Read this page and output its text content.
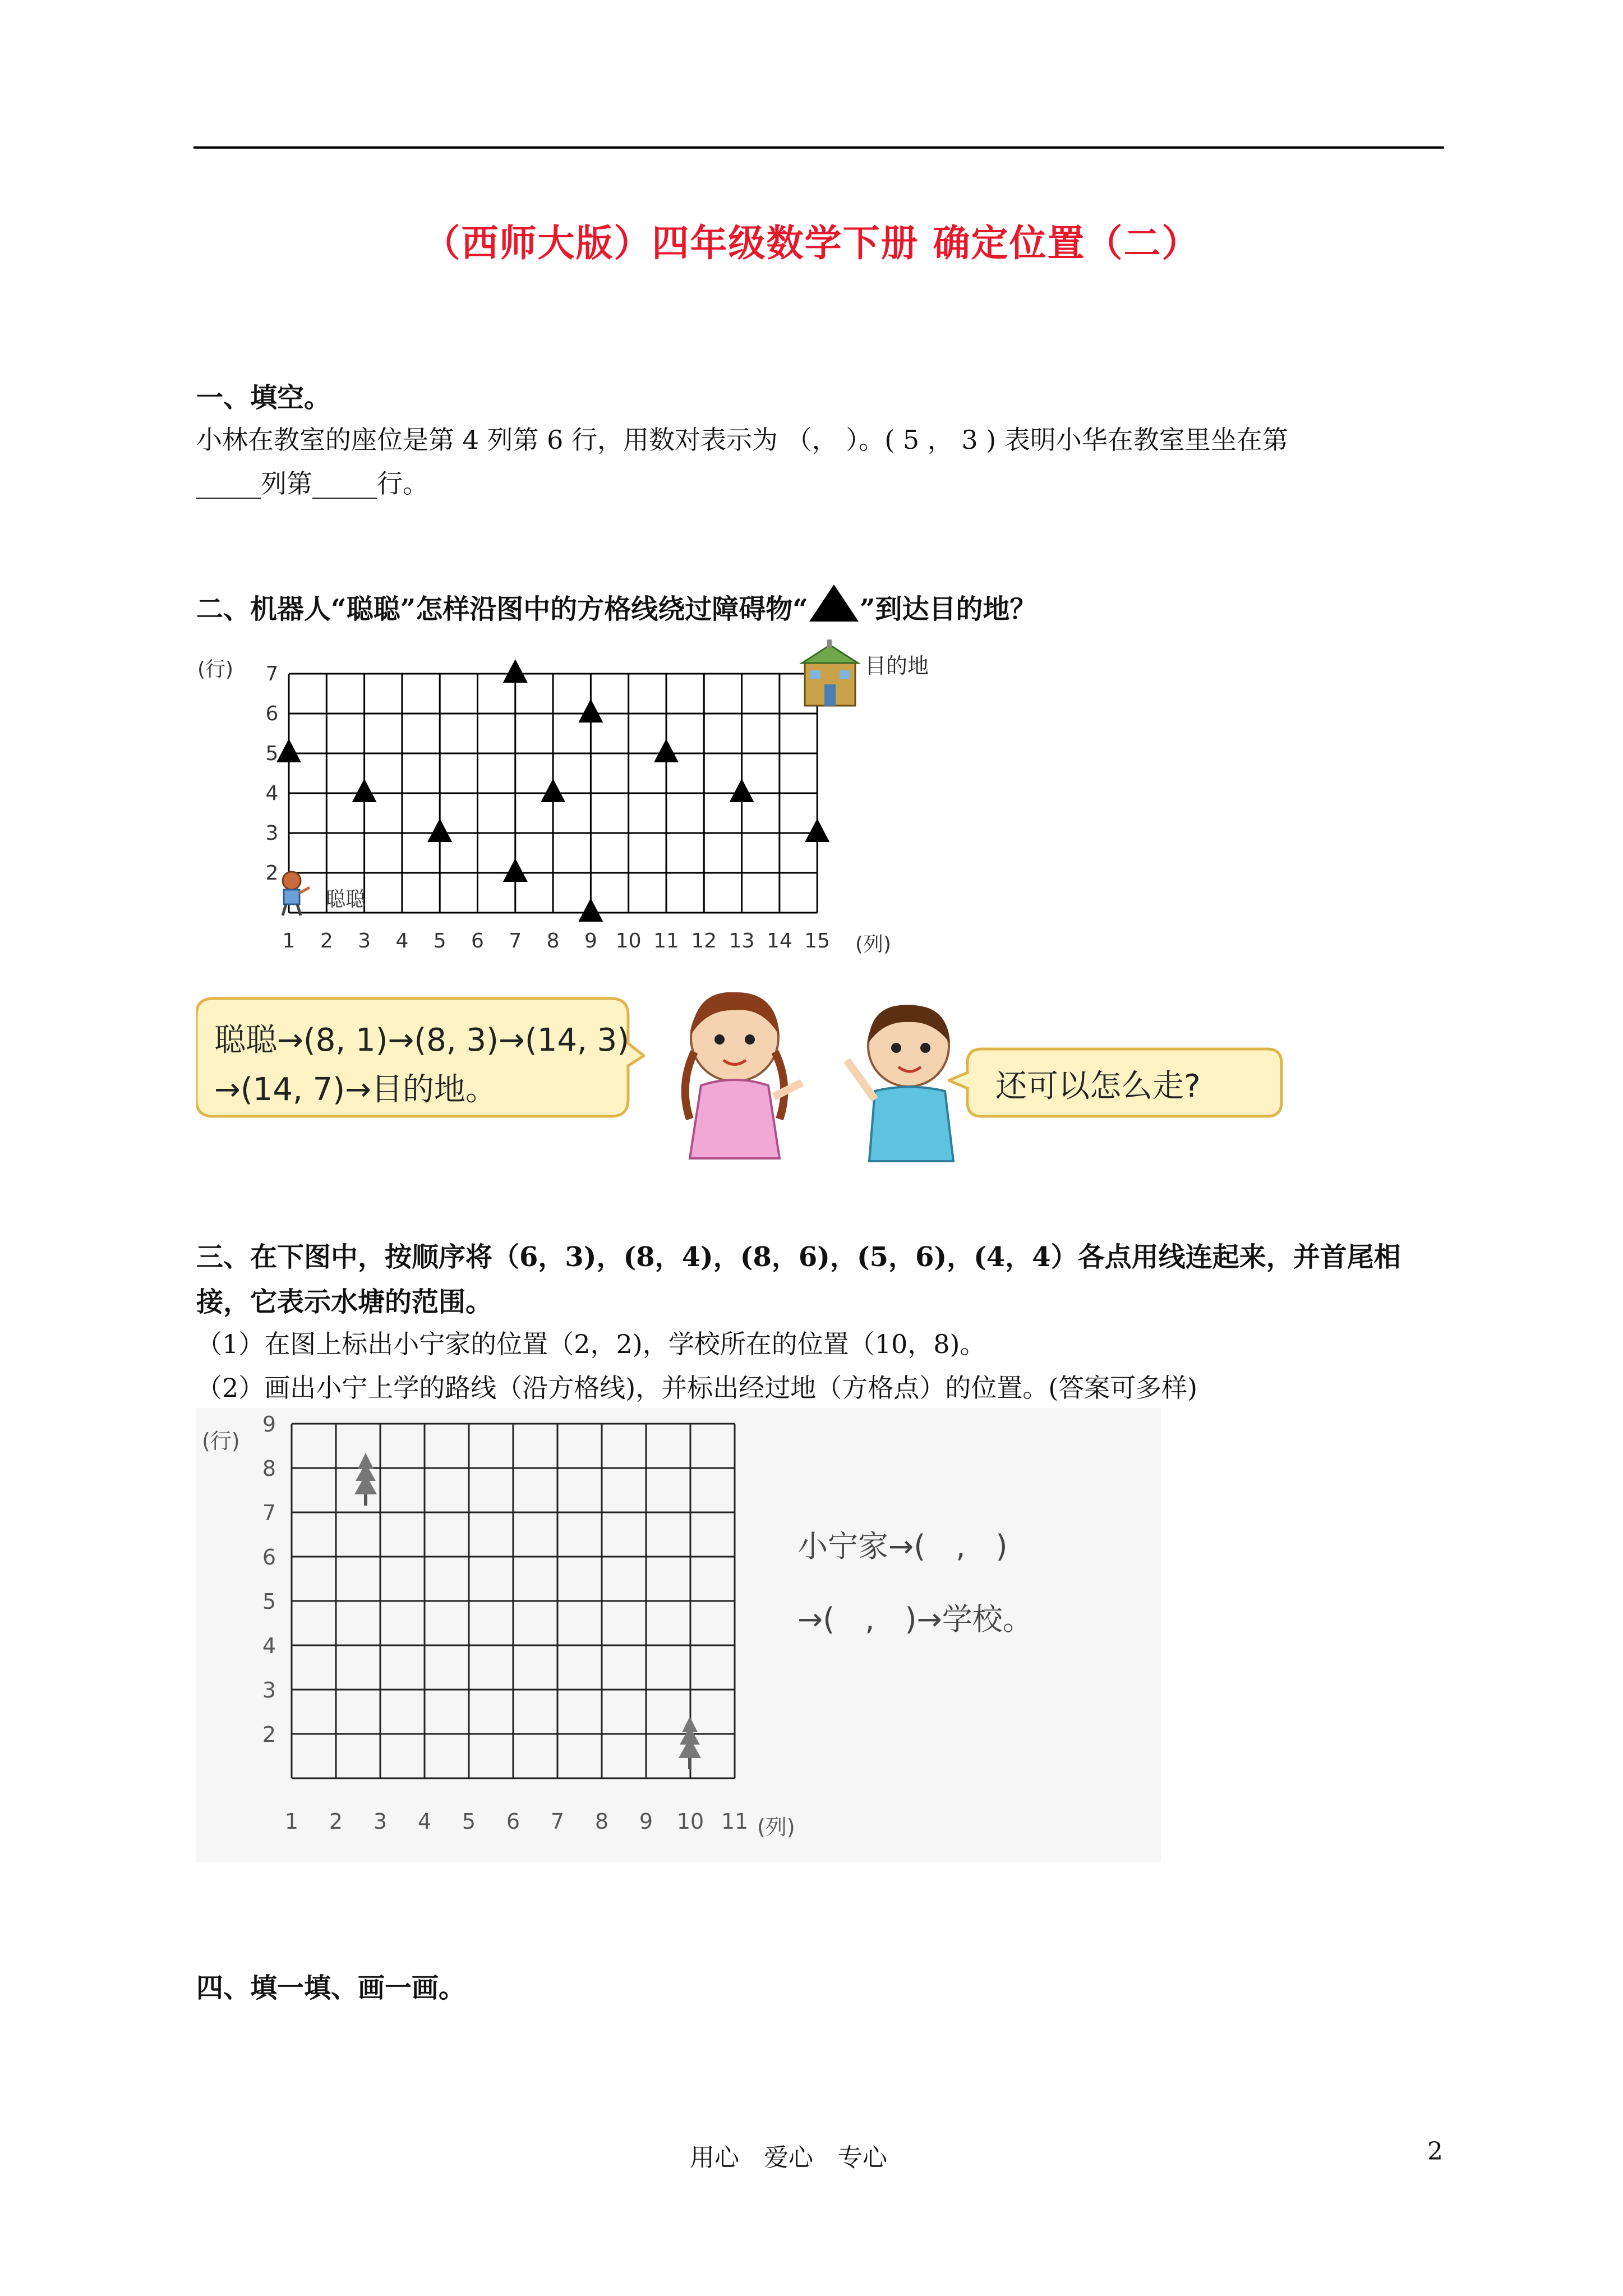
（西师大版）四年级数学下册 确定位置（二）
一、填空。
小林在教室的座位是第 4 列第 6 行，用数对表示为 （， ）。( 5 ， 3 ) 表明小华在教室里坐在第
_____列第_____行。
二、机器人“聪聪”怎样沿图中的方格线绕过障碍物“ ”到达目的地？
1 2 3 4 5 6 7 8 9 10 11 12 13 14 15
2
3
4
5
6
7
(行)
(列)
目的地
聪聪
聪聪→(8, 1)→(8, 3)→(14, 3)
→(14, 7)→目的地。	还可以怎么走?
三、在下图中，按顺序将（6，3)，(8，4)，(8，6)，(5，6)，(4，4）各点用线连起来，并首尾相
接，它表示水塘的范围。
（1）在图上标出小宁家的位置（2，2)，学校所在的位置（10，8)。
（2）画出小宁上学的路线（沿方格线)，并标出经过地（方格点）的位置。(答案可多样)
1 2 3 4 5 6 7 8 9 10 11
2
3
4
5
6
7
8
9
(行)
(列)
小宁家→(　,　)
→(　,　)→学校。
四、填一填、画一画。
用心　爱心　专心	2
